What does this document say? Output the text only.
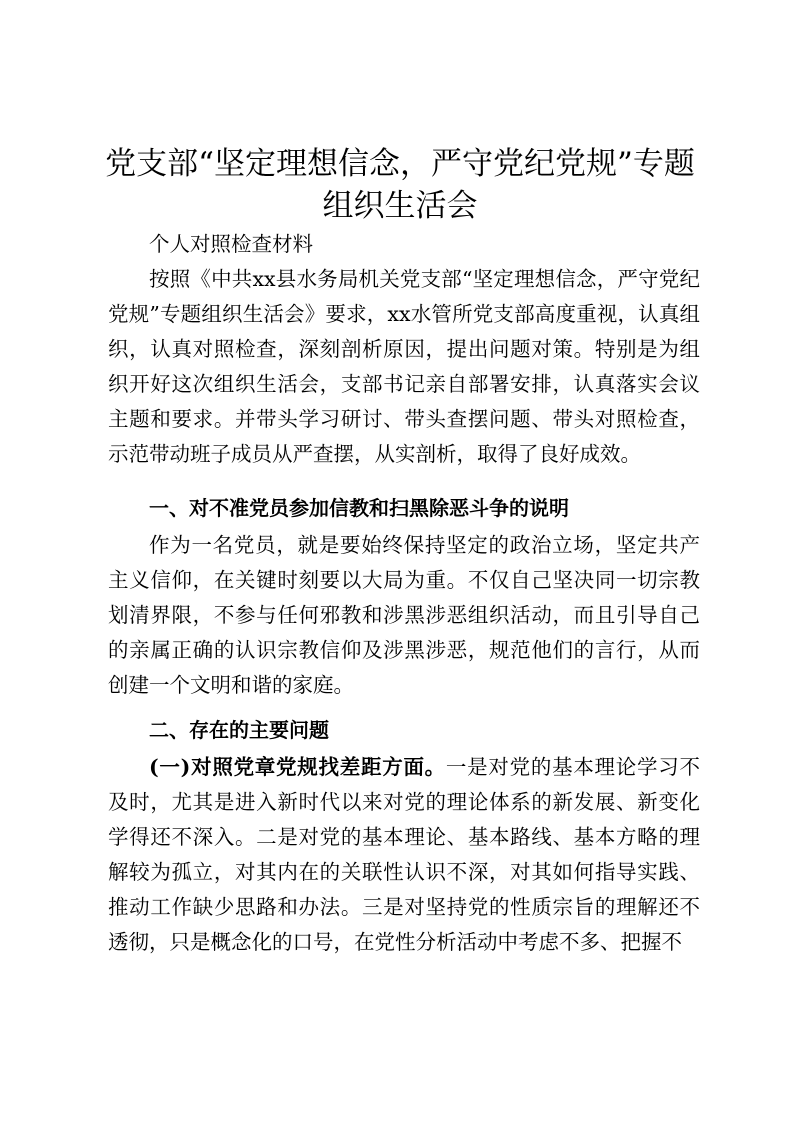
党支部“坚定理想信念，严守党纪党规”专题
组织生活会

个人对照检查材料

按照《中共xx县水务局机关党支部“坚定理想信念，严守党纪党规”专题组织生活会》要求，xx水管所党支部高度重视，认真组织，认真对照检查，深刻剖析原因，提出问题对策。特别是为组织开好这次组织生活会，支部书记亲自部署安排，认真落实会议主题和要求。并带头学习研讨、带头查摆问题、带头对照检查，示范带动班子成员从严查摆，从实剖析，取得了良好成效。

一、对不准党员参加信教和扫黑除恶斗争的说明

作为一名党员，就是要始终保持坚定的政治立场，坚定共产主义信仰，在关键时刻要以大局为重。不仅自己坚决同一切宗教划清界限，不参与任何邪教和涉黑涉恶组织活动，而且引导自己的亲属正确的认识宗教信仰及涉黑涉恶，规范他们的言行，从而创建一个文明和谐的家庭。

二、存在的主要问题

(一)对照党章党规找差距方面。一是对党的基本理论学习不及时，尤其是进入新时代以来对党的理论体系的新发展、新变化学得还不深入。二是对党的基本理论、基本路线、基本方略的理解较为孤立，对其内在的关联性认识不深，对其如何指导实践、推动工作缺少思路和办法。三是对坚持党的性质宗旨的理解还不透彻，只是概念化的口号，在党性分析活动中考虑不多、把握不
